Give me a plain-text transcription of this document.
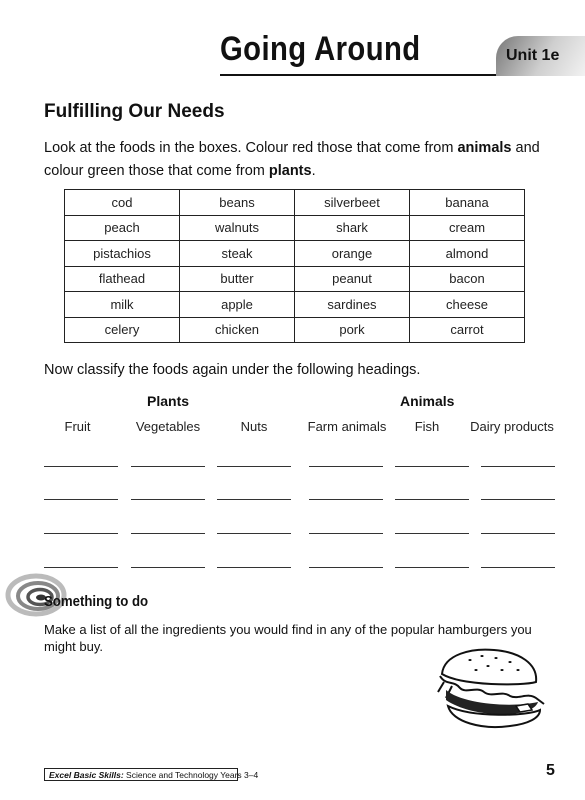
Going Around	Unit 1e
Fulfilling Our Needs
Look at the foods in the boxes. Colour red those that come from animals and colour green those that come from plants.
cod	beans	silverbeet	banana
peach	walnuts	shark	cream
pistachios	steak	orange	almond
flathead	butter	peanut	bacon
milk	apple	sardines	cheese
celery	chicken	pork	carrot
Now classify the foods again under the following headings.
Plants	Animals
Fruit	Vegetables	Nuts	Farm animals	Fish	Dairy products
Something to do
Make a list of all the ingredients you would find in any of the popular hamburgers you might buy.
Excel Basic Skills: Science and Technology Years 3–4	5
